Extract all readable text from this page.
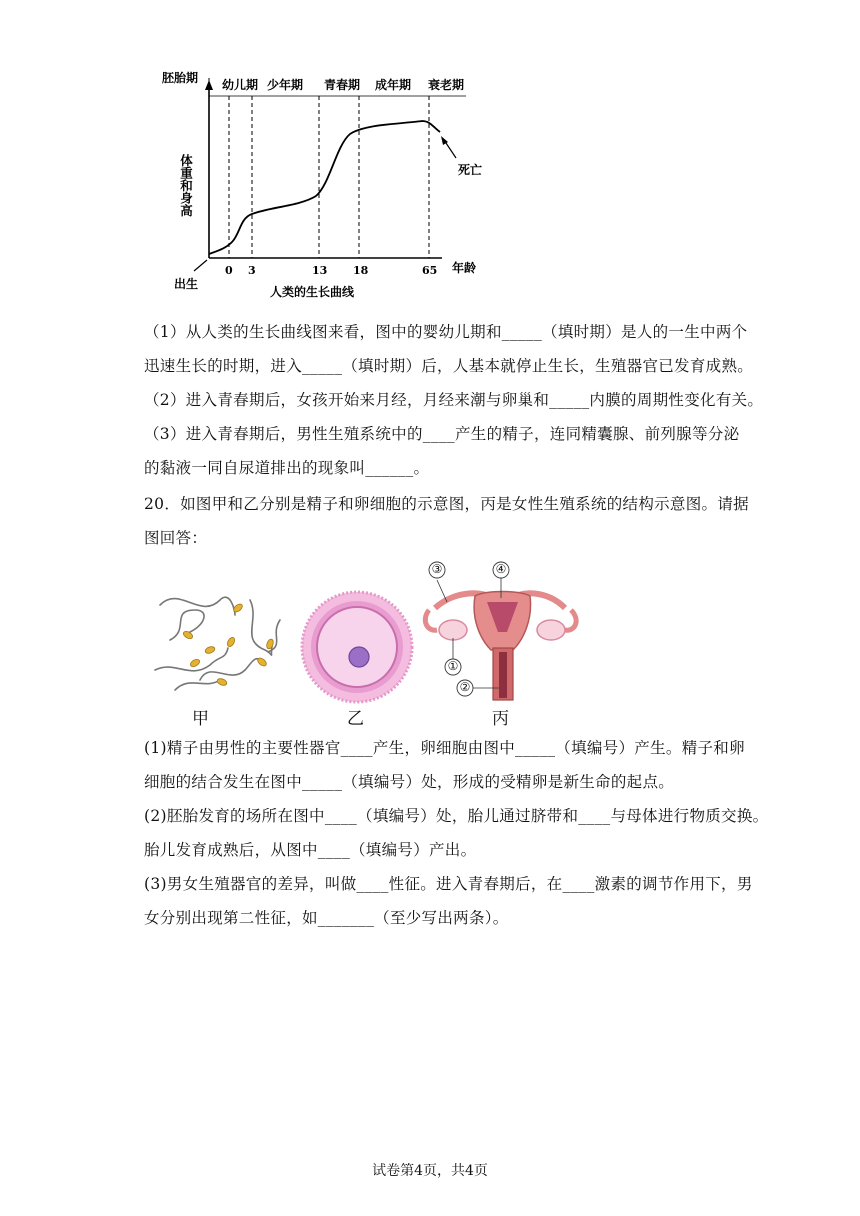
胚胎期 幼儿期 少年期 青春期 成年期 衰老期
体重和身高
0 3	13 18	65 年龄
出生
死亡
人类的生长曲线
（1）从人类的生长曲线图来看，图中的婴幼儿期和_____（填时期）是人的一生中两个
迅速生长的时期，进入_____（填时期）后，人基本就停止生长，生殖器官已发育成熟。
（2）进入青春期后，女孩开始来月经，月经来潮与卵巢和_____内膜的周期性变化有关。
（3）进入青春期后，男性生殖系统中的____产生的精子，连同精囊腺、前列腺等分泌
的黏液一同自尿道排出的现象叫______。
20．如图甲和乙分别是精子和卵细胞的示意图，丙是女性生殖系统的结构示意图。请据
图回答：
甲	乙
③	④
①
②
丙
(1)精子由男性的主要性器官____产生，卵细胞由图中_____（填编号）产生。精子和卵
细胞的结合发生在图中_____（填编号）处，形成的受精卵是新生命的起点。
(2)胚胎发育的场所在图中____（填编号）处，胎儿通过脐带和____与母体进行物质交换。
胎儿发育成熟后，从图中____（填编号）产出。
(3)男女生殖器官的差异，叫做____性征。进入青春期后，在____激素的调节作用下，男
女分别出现第二性征，如_______（至少写出两条）。
试卷第4页，共4页
